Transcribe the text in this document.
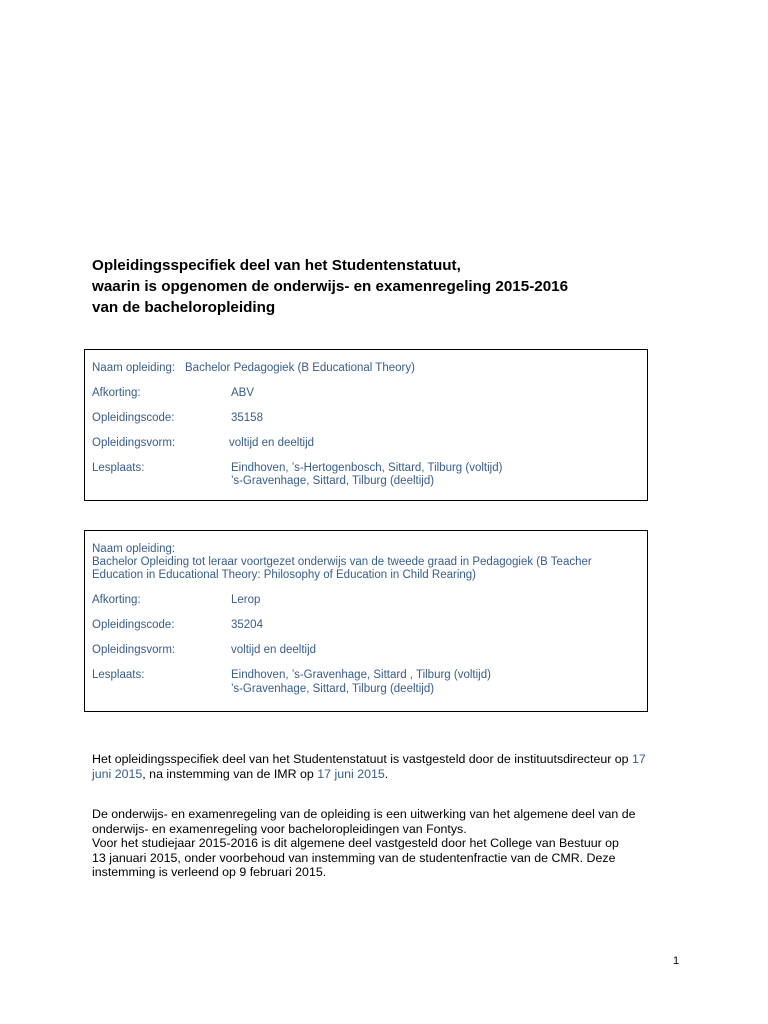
Opleidingsspecifiek deel van het Studentenstatuut,
waarin is opgenomen de onderwijs- en examenregeling 2015-2016
van de bacheloropleiding
Naam opleiding: Bachelor Pedagogiek (B Educational Theory)
Afkorting:	ABV
Opleidingscode:	35158
Opleidingsvorm:	voltijd en deeltijd
Lesplaats:	Eindhoven, ’s-Hertogenbosch, Sittard, Tilburg (voltijd)
’s-Gravenhage, Sittard, Tilburg (deeltijd)
Naam opleiding:
Bachelor Opleiding tot leraar voortgezet onderwijs van de tweede graad in Pedagogiek (B Teacher
Education in Educational Theory: Philosophy of Education in Child Rearing)
Afkorting:	Lerop
Opleidingscode:	35204
Opleidingsvorm:	voltijd en deeltijd
Lesplaats:	Eindhoven, ’s-Gravenhage, Sittard , Tilburg (voltijd)
’s-Gravenhage, Sittard, Tilburg (deeltijd)

Het opleidingsspecifiek deel van het Studentenstatuut is vastgesteld door de instituutsdirecteur op 17
juni 2015, na instemming van de IMR op 17 juni 2015.

De onderwijs- en examenregeling van de opleiding is een uitwerking van het algemene deel van de
onderwijs- en examenregeling voor bacheloropleidingen van Fontys.
Voor het studiejaar 2015-2016 is dit algemene deel vastgesteld door het College van Bestuur op
13 januari 2015, onder voorbehoud van instemming van de studentenfractie van de CMR. Deze
instemming is verleend op 9 februari 2015.

1
